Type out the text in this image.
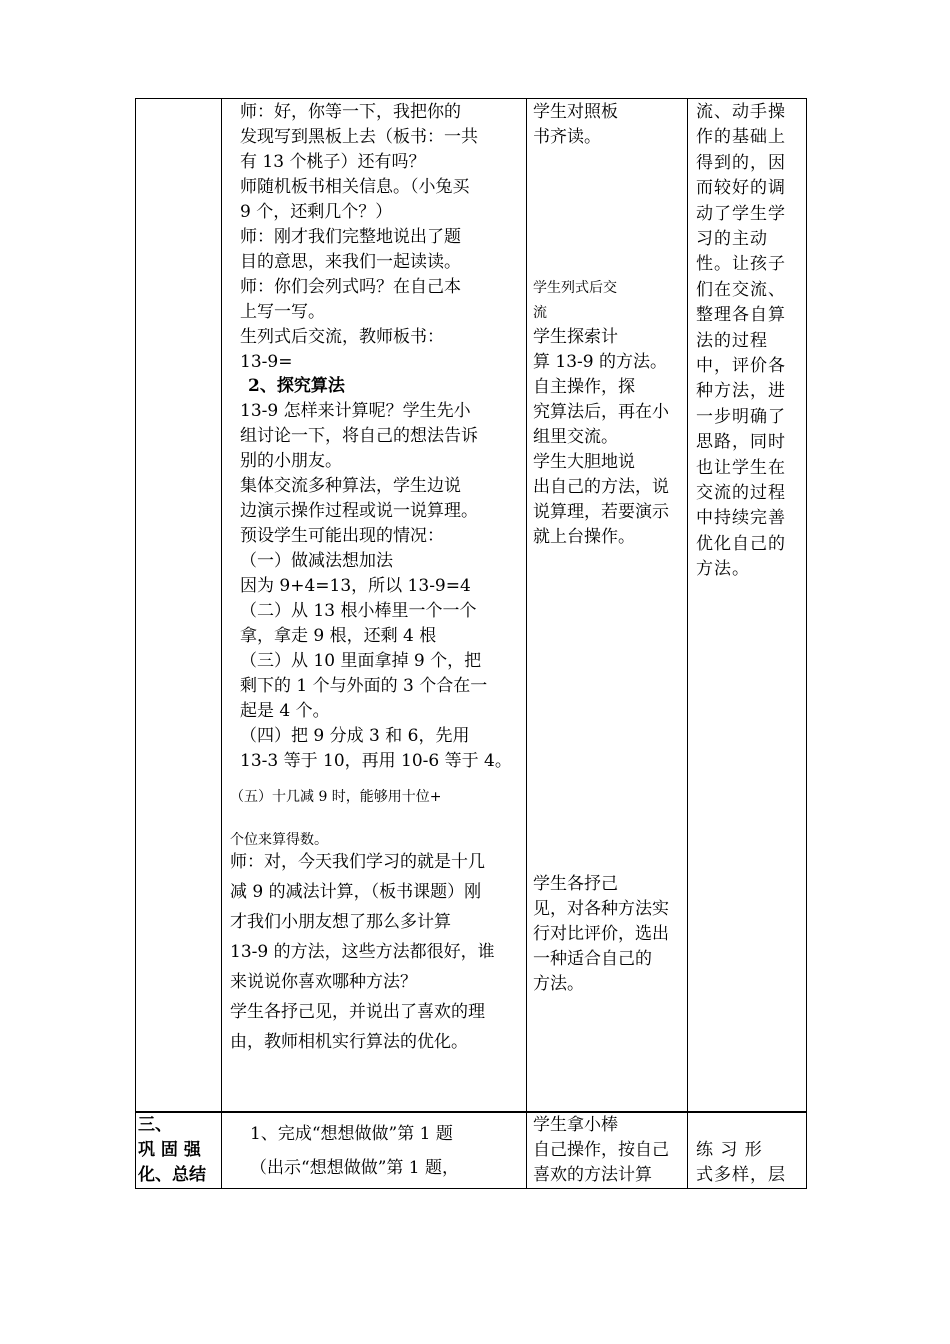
师：好，你等一下，我把你的
发现写到黑板上去（板书：一共
有 13 个桃子）还有吗？
师随机板书相关信息。（小兔买
9 个，还剩几个？）
师：刚才我们完整地说出了题
目的意思，来我们一起读读。
师：你们会列式吗？在自己本
上写一写。
生列式后交流，教师板书：
13-9=
2、探究算法
13-9 怎样来计算呢？学生先小
组讨论一下，将自己的想法告诉
别的小朋友。
集体交流多种算法，学生边说
边演示操作过程或说一说算理。
预设学生可能出现的情况：
（一）做减法想加法
因为 9+4=13，所以 13-9=4
（二）从 13 根小棒里一个一个
拿，拿走 9 根，还剩 4 根
（三）从 10 里面拿掉 9 个，把
剩下的 1 个与外面的 3 个合在一
起是 4 个。
（四）把 9 分成 3 和 6，先用
13-3 等于 10，再用 10-6 等于 4。
（五）十几减 9 时，能够用十位+
个位来算得数。
师：对，今天我们学习的就是十几
减 9 的减法计算，（板书课题）刚
才我们小朋友想了那么多计算
13-9 的方法，这些方法都很好，谁
来说说你喜欢哪种方法？
学生各抒己见，并说出了喜欢的理
由，教师相机实行算法的优化。
学生对照板
书齐读。
学生列式后交
流
学生探索计
算 13-9 的方法。
自主操作，探
究算法后，再在小
组里交流。
学生大胆地说
出自己的方法，说
说算理，若要演示
就上台操作。
学生各抒己
见，对各种方法实
行对比评价，选出
一种适合自己的
方法。
流、动手操
作的基础上
得到的，因
而较好的调
动了学生学
习的主动
性。让孩子
们在交流、
整理各自算
法的过程
中，评价各
种方法，进
一步明确了
思路，同时
也让学生在
交流的过程
中持续完善
优化自己的
方法。
三、
巩 固 强
化、总结
1、完成“想想做做”第 1 题
（出示“想想做做”第 1 题，
学生拿小棒
自己操作，按自己
喜欢的方法计算
练 习 形
式多样，层
